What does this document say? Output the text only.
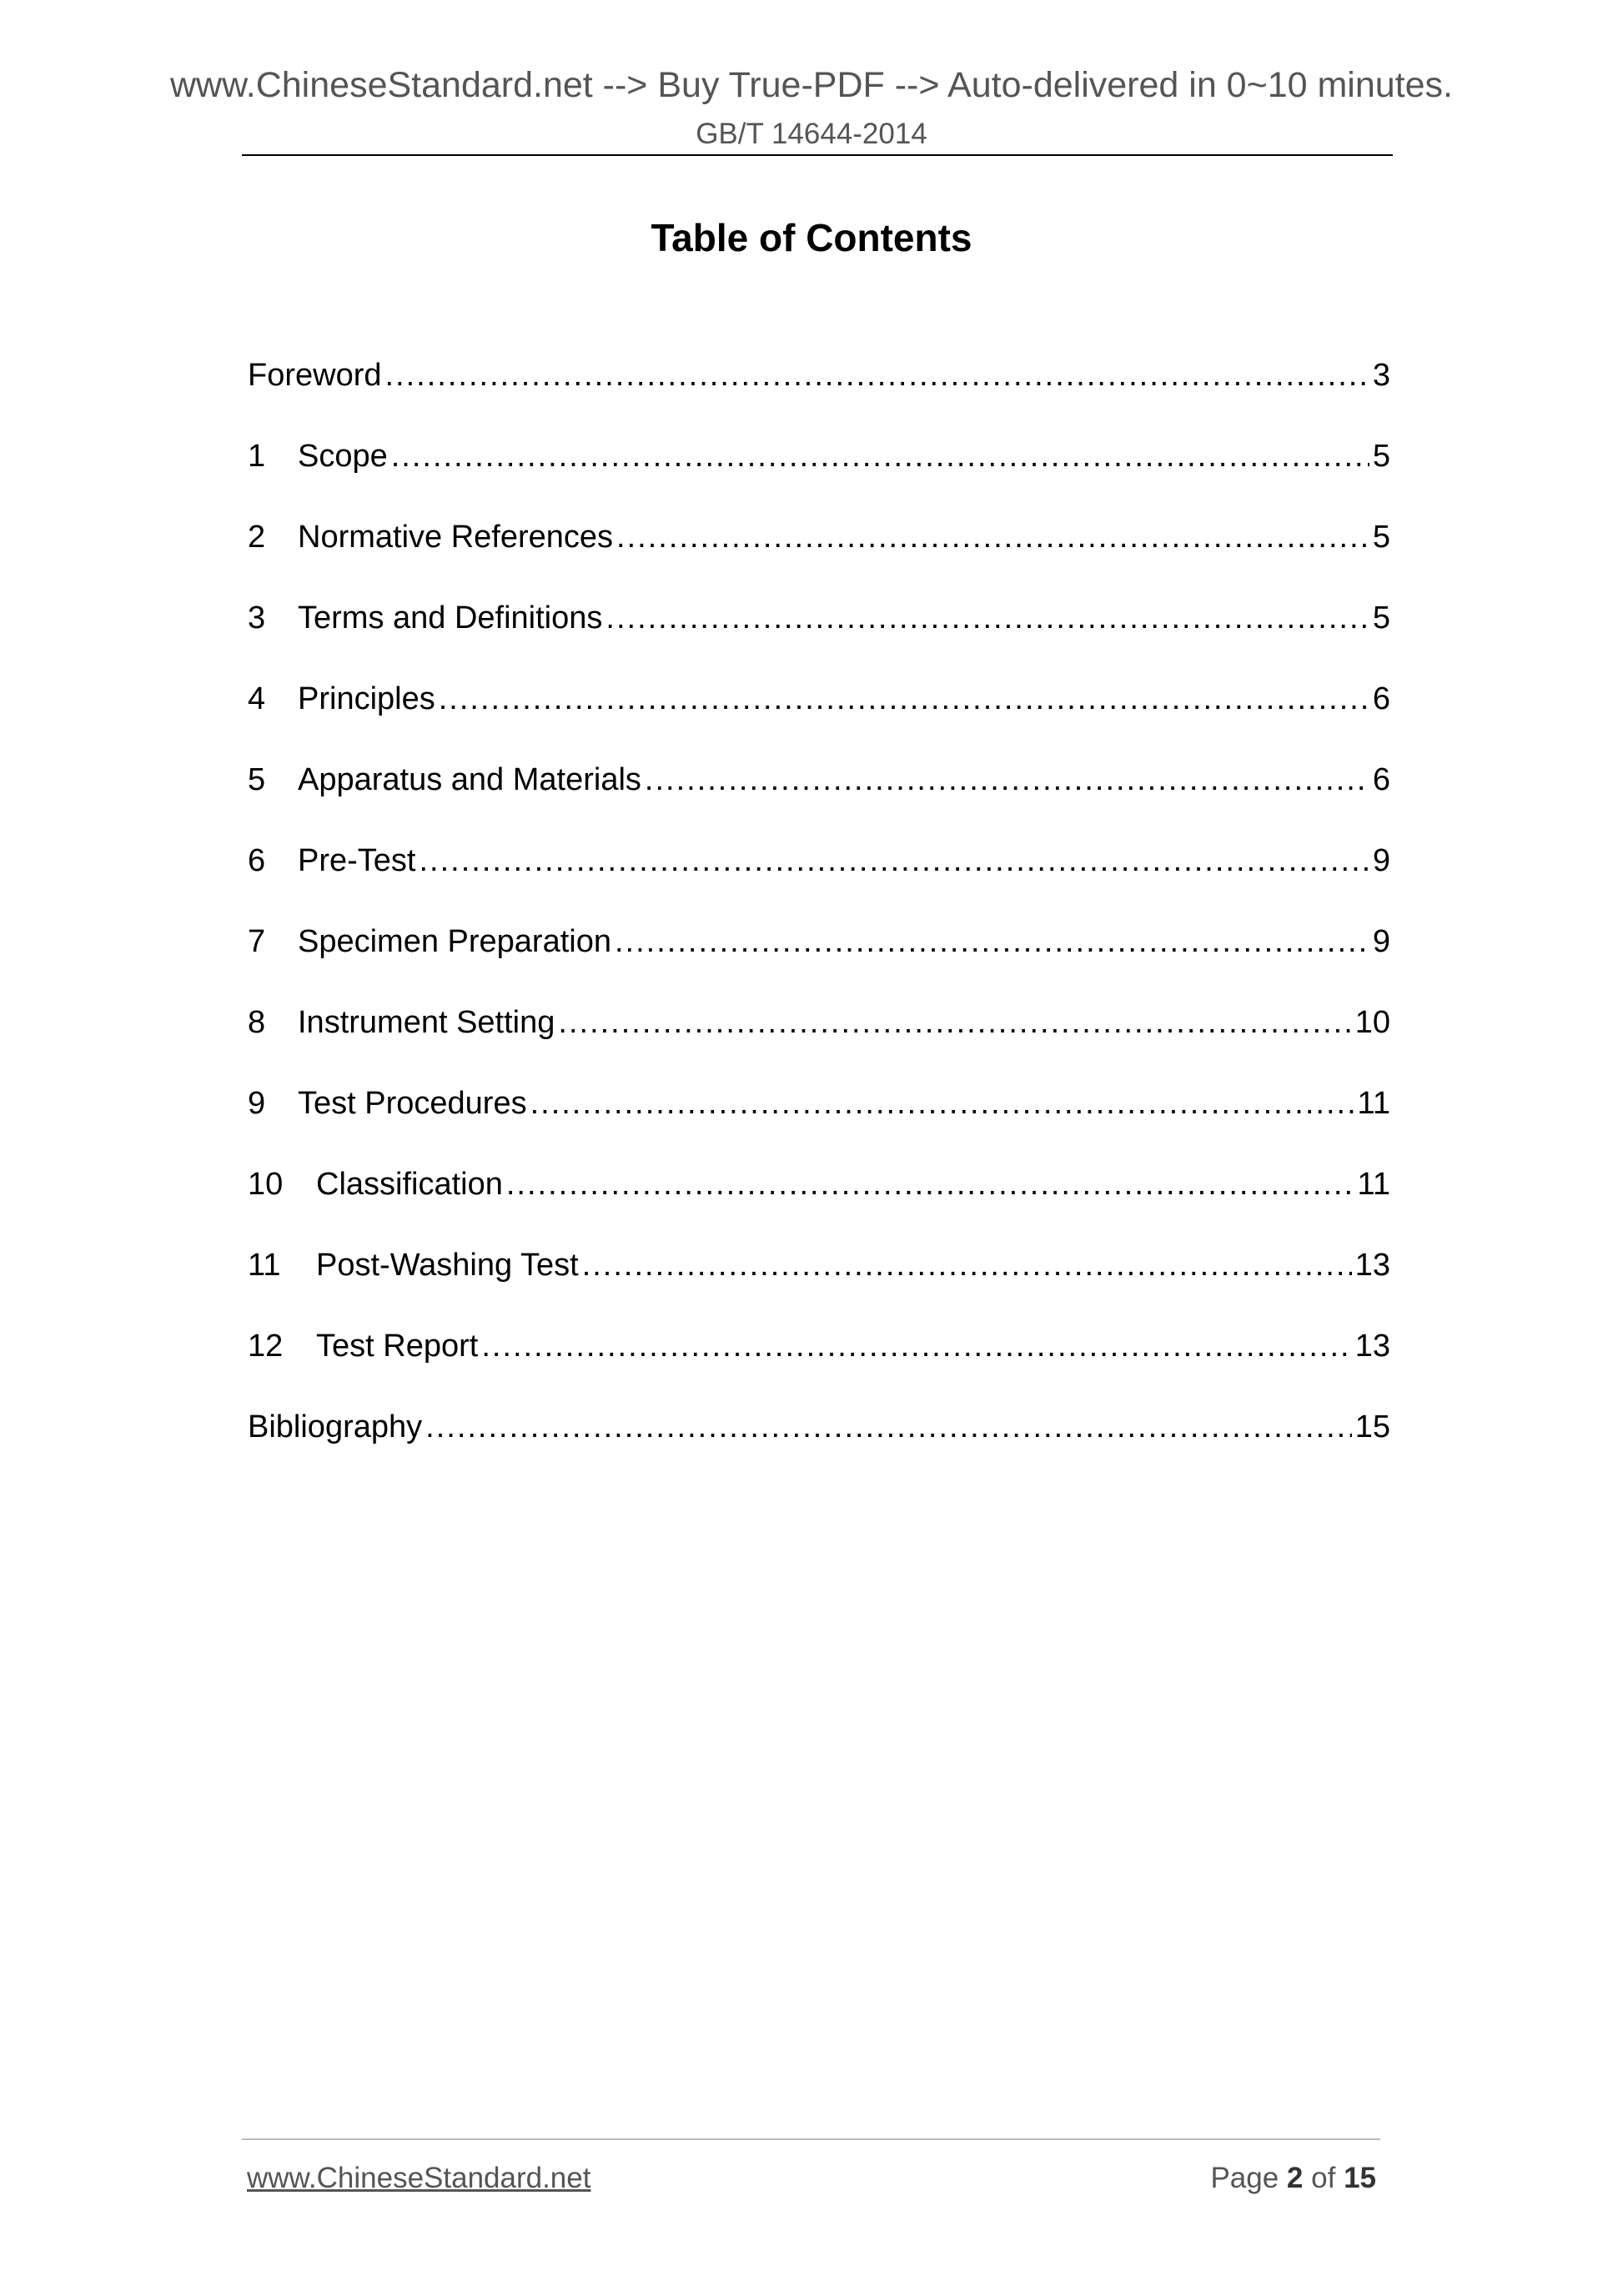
www.ChineseStandard.net --> Buy True-PDF --> Auto-delivered in 0~10 minutes.
GB/T 14644-2014
Table of Contents
Foreword .....	3
1	Scope .....	5
2	Normative References .....	5
3	Terms and Definitions .....	5
4	Principles .....	6
5	Apparatus and Materials .....	6
6	Pre-Test .....	9
7	Specimen Preparation .....	9
8	Instrument Setting .....	10
9	Test Procedures .....	11
10	Classification .....	11
11	Post-Washing Test .....	13
12	Test Report .....	13
Bibliography .....	15
www.ChineseStandard.net	Page 2 of 15
